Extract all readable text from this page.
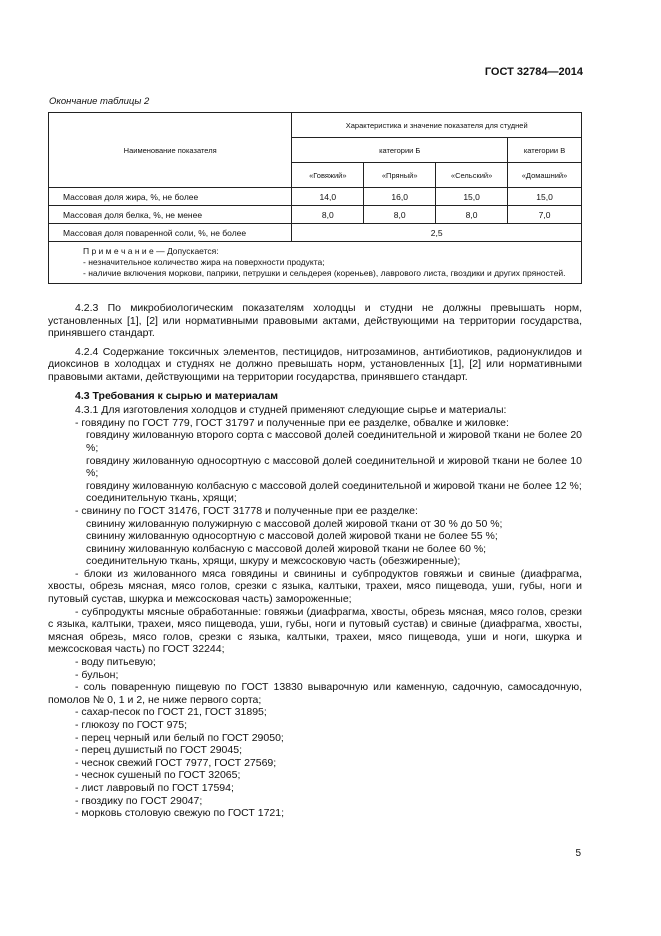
ГОСТ 32784—2014
Окончание таблицы 2
Наименование показателя	Характеристика и значение показателя для студней			
	категории Б			категории В
	«Говяжий»	«Пряный»	«Сельский»	«Домашний»
Массовая доля жира, %, не более	14,0	16,0	15,0	15,0
Массовая доля белка, %, не менее	8,0	8,0	8,0	7,0
Массовая доля поваренной соли, %, не более	2,5			

П р и м е ч а н и е — Допускается:
- незначительное количество жира на поверхности продукта;
- наличие включения моркови, паприки, петрушки и сельдерея (кореньев), лаврового листа, гвоздики и других пряностей.				

4.2.3 По микробиологическим показателям холодцы и студни не должны превышать норм, установленных [1], [2] или нормативными правовыми актами, действующими на территории государства, принявшего стандарт.

4.2.4 Содержание токсичных элементов, пестицидов, нитрозаминов, антибиотиков, радионуклидов и диоксинов в холодцах и студнях не должно превышать норм, установленных [1], [2] или нормативными правовыми актами, действующими на территории государства, принявшего стандарт.

4.3 Требования к сырью и материалам

4.3.1 Для изготовления холодцов и студней применяют следующие сырье и материалы:

- говядину по ГОСТ 779, ГОСТ 31797 и полученные при ее разделке, обвалке и жиловке:

говядину жилованную второго сорта с массовой долей соединительной и жировой ткани не более 20 %;

говядину жилованную односортную с массовой долей соединительной и жировой ткани не более 10 %;

говядину жилованную колбасную с массовой долей соединительной и жировой ткани не более 12 %;

соединительную ткань, хрящи;

- свинину по ГОСТ 31476, ГОСТ 31778 и полученные при ее разделке:

свинину жилованную полужирную с массовой долей жировой ткани от 30 % до 50 %;

свинину жилованную односортную с массовой долей жировой ткани не более 55 %;

свинину жилованную колбасную с массовой долей жировой ткани не более 60 %;

соединительную ткань, хрящи, шкуру и межсосковую часть (обезжиренные);

- блоки из жилованного мяса говядины и свинины и субпродуктов говяжьи и свиные (диафрагма, хвосты, обрезь мясная, мясо голов, срезки с языка, калтыки, трахеи, мясо пищевода, уши, губы, ноги и путовый сустав, шкурка и межсосковая часть) замороженные;

- субпродукты мясные обработанные: говяжьи (диафрагма, хвосты, обрезь мясная, мясо голов, срезки с языка, калтыки, трахеи, мясо пищевода, уши, губы, ноги и путовый сустав) и свиные (диафрагма, хвосты, мясная обрезь, мясо голов, срезки с языка, калтыки, трахеи, мясо пищевода, уши и ноги, шкурка и межсосковая часть) по ГОСТ 32244;

- воду питьевую;

- бульон;

- соль поваренную пищевую по ГОСТ 13830 выварочную или каменную, садочную, самосадочную, помолов № 0, 1 и 2, не ниже первого сорта;

- сахар-песок по ГОСТ 21, ГОСТ 31895;

- глюкозу по ГОСТ 975;

- перец черный или белый по ГОСТ 29050;

- перец душистый по ГОСТ 29045;

- чеснок свежий ГОСТ 7977, ГОСТ 27569;

- чеснок сушеный по ГОСТ 32065;

- лист лавровый по ГОСТ 17594;

- гвоздику по ГОСТ 29047;

- морковь столовую свежую по ГОСТ 1721;

5
